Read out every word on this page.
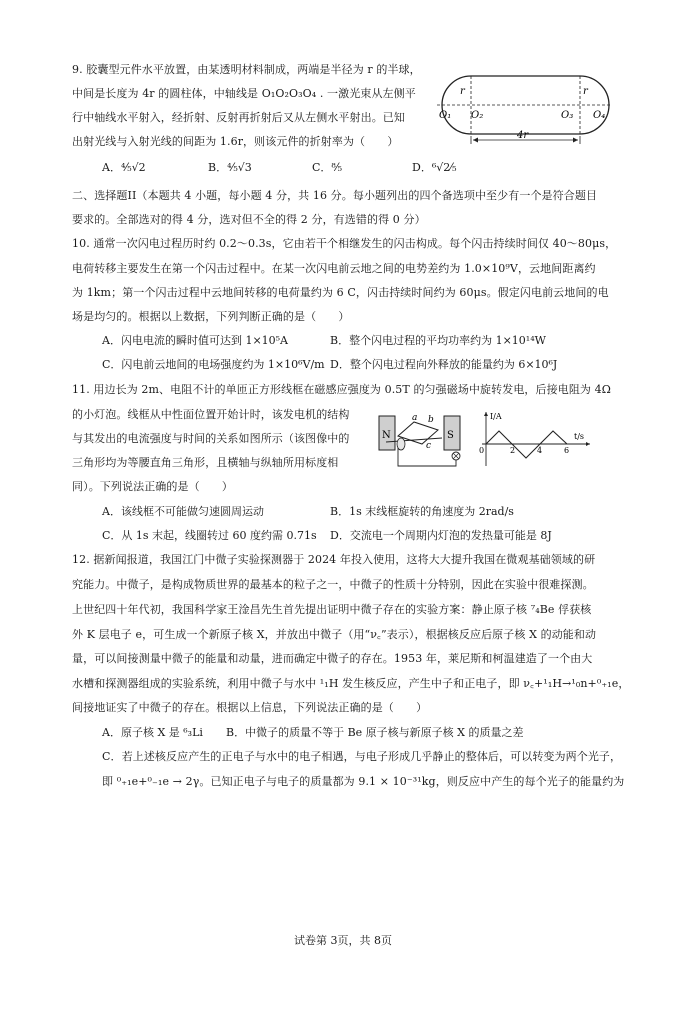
9. 胶囊型元件水平放置，由某透明材料制成，两端是半径为 r 的半球，
中间是长度为 4r 的圆柱体，中轴线是 O₁O₂O₃O₄ . 一激光束从左侧平
行中轴线水平射入，经折射、反射再折射后又从左侧水平射出。已知
出射光线与入射光线的间距为 1.6r，则该元件的折射率为（　　）
r	r
O₁ O₂	O₃ O₄
4r
A．⁴⁄₅√2	B．⁴⁄₅√3	C．⁸⁄₅	D．⁶√2⁄₅
二、选择题II（本题共 4 小题，每小题 4 分，共 16 分。每小题列出的四个备选项中至少有一个是符合题目
要求的。全部选对的得 4 分，选对但不全的得 2 分，有选错的得 0 分）
10. 通常一次闪电过程历时约 0.2～0.3s，它由若干个相继发生的闪击构成。每个闪击持续时间仅 40～80μs，
电荷转移主要发生在第一个闪击过程中。在某一次闪电前云地之间的电势差约为 1.0×10⁹V，云地间距离约
为 1km；第一个闪击过程中云地间转移的电荷量约为 6 C，闪击持续时间约为 60μs。假定闪电前云地间的电
场是均匀的。根据以上数据，下列判断正确的是（　　）
A．闪电电流的瞬时值可达到 1×10⁵A	B．整个闪电过程的平均功率约为 1×10¹⁴W
C．闪电前云地间的电场强度约为 1×10⁶V/m D．整个闪电过程向外释放的能量约为 6×10⁶J
11. 用边长为 2m、电阻不计的单匝正方形线框在磁感应强度为 0.5T 的匀强磁场中旋转发电，后接电阻为 4Ω
的小灯泡。线框从中性面位置开始计时，该发电机的结构
与其发出的电流强度与时间的关系如图所示（该图像中的
三角形均为等腰直角三角形，且横轴与纵轴所用标度相
同）。下列说法正确的是（　　）
N	S
a b
c
I/A
t/s
0	2	4	6
A．该线框不可能做匀速圆周运动	B．1s 末线框旋转的角速度为 2rad/s
C．从 1s 末起，线圈转过 60 度约需 0.71s D．交流电一个周期内灯泡的发热量可能是 8J
12. 据新闻报道，我国江门中微子实验探测器于 2024 年投入使用，这将大大提升我国在微观基础领域的研
究能力。中微子，是构成物质世界的最基本的粒子之一，中微子的性质十分特别，因此在实验中很难探测。
上世纪四十年代初，我国科学家王淦昌先生首先提出证明中微子存在的实验方案：静止原子核 ⁷₄Be 俘获核
外 K 层电子 e，可生成一个新原子核 X，并放出中微子（用“ν꜀”表示），根据核反应后原子核 X 的动能和动
量，可以间接测量中微子的能量和动量，进而确定中微子的存在。1953 年，莱尼斯和柯温建造了一个由大
水槽和探测器组成的实验系统，利用中微子与水中 ¹₁H 发生核反应，产生中子和正电子，即 ν꜀+¹₁H→¹₀n+⁰₊₁e，
间接地证实了中微子的存在。根据以上信息，下列说法正确的是（　　）
A．原子核 X 是 ⁶₃Li B．中微子的质量不等于 Be 原子核与新原子核 X 的质量之差
C．若上述核反应产生的正电子与水中的电子相遇，与电子形成几乎静止的整体后，可以转变为两个光子，
即 ⁰₊₁e+⁰₋₁e → 2γ。已知正电子与电子的质量都为 9.1 × 10⁻³¹kg，则反应中产生的每个光子的能量约为
试卷第 3页，共 8页
